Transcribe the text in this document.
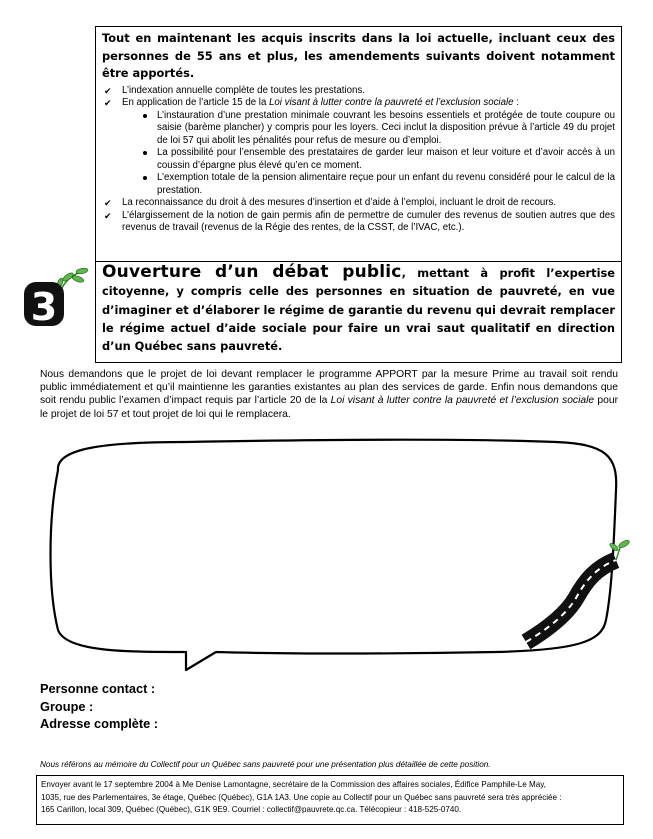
Tout en maintenant les acquis inscrits dans la loi actuelle, incluant ceux des personnes de 55 ans et plus, les amendements suivants doivent notamment être apportés.

✔ L’indexation annuelle complète de toutes les prestations.
✔ En application de l’article 15 de la Loi visant à lutter contre la pauvreté et l’exclusion sociale :
L’instauration d’une prestation minimale couvrant les besoins essentiels et protégée de toute coupure ou saisie (barème plancher) y compris pour les loyers. Ceci inclut la disposition prévue à l’article 49 du projet de loi 57 qui abolit les pénalités pour refus de mesure ou d’emploi.
La possibilité pour l’ensemble des prestataires de garder leur maison et leur voiture et d’avoir accès à un coussin d’épargne plus élevé qu’en ce moment.
L’exemption totale de la pension alimentaire reçue pour un enfant du revenu considéré pour le calcul de la prestation.
✔ La reconnaissance du droit à des mesures d’insertion et d’aide à l’emploi, incluant le droit de recours.
✔ L’élargissement de la notion de gain permis afin de permettre de cumuler des revenus de soutien autres que des revenus de travail (revenus de la Régie des rentes, de la CSST, de l’IVAC, etc.).
Ouverture d’un débat public, mettant à profit l’expertise citoyenne, y compris celle des personnes en situation de pauvreté, en vue d’imaginer et d’élaborer le régime de garantie du revenu qui devrait remplacer le régime actuel d’aide sociale pour faire un vrai saut qualitatif en direction d’un Québec sans pauvreté.
3

Nous demandons que le projet de loi devant remplacer le programme APPORT par la mesure Prime au travail soit rendu public immédiatement et qu’il maintienne les garanties existantes au plan des services de garde. Enfin nous demandons que soit rendu public l’examen d’impact requis par l’article 20 de la Loi visant à lutter contre la pauvreté et l’exclusion sociale pour le projet de loi 57 et tout projet de loi qui le remplacera.

Personne contact :
Groupe :
Adresse complète :

Nous référons au mémoire du Collectif pour un Québec sans pauvreté pour une présentation plus détaillée de cette position.

Envoyer avant le 17 septembre 2004 à Me Denise Lamontagne, secrétaire de la Commission des affaires sociales, Édifice Pamphile-Le May,
1035, rue des Parlementaires, 3e étage, Québec (Québec), G1A 1A3. Une copie au Collectif pour un Québec sans pauvreté sera très appréciée :
165 Carillon, local 309, Québec (Québec), G1K 9E9. Courriel : collectif@pauvrete.qc.ca. Télécopieur : 418-525-0740.
